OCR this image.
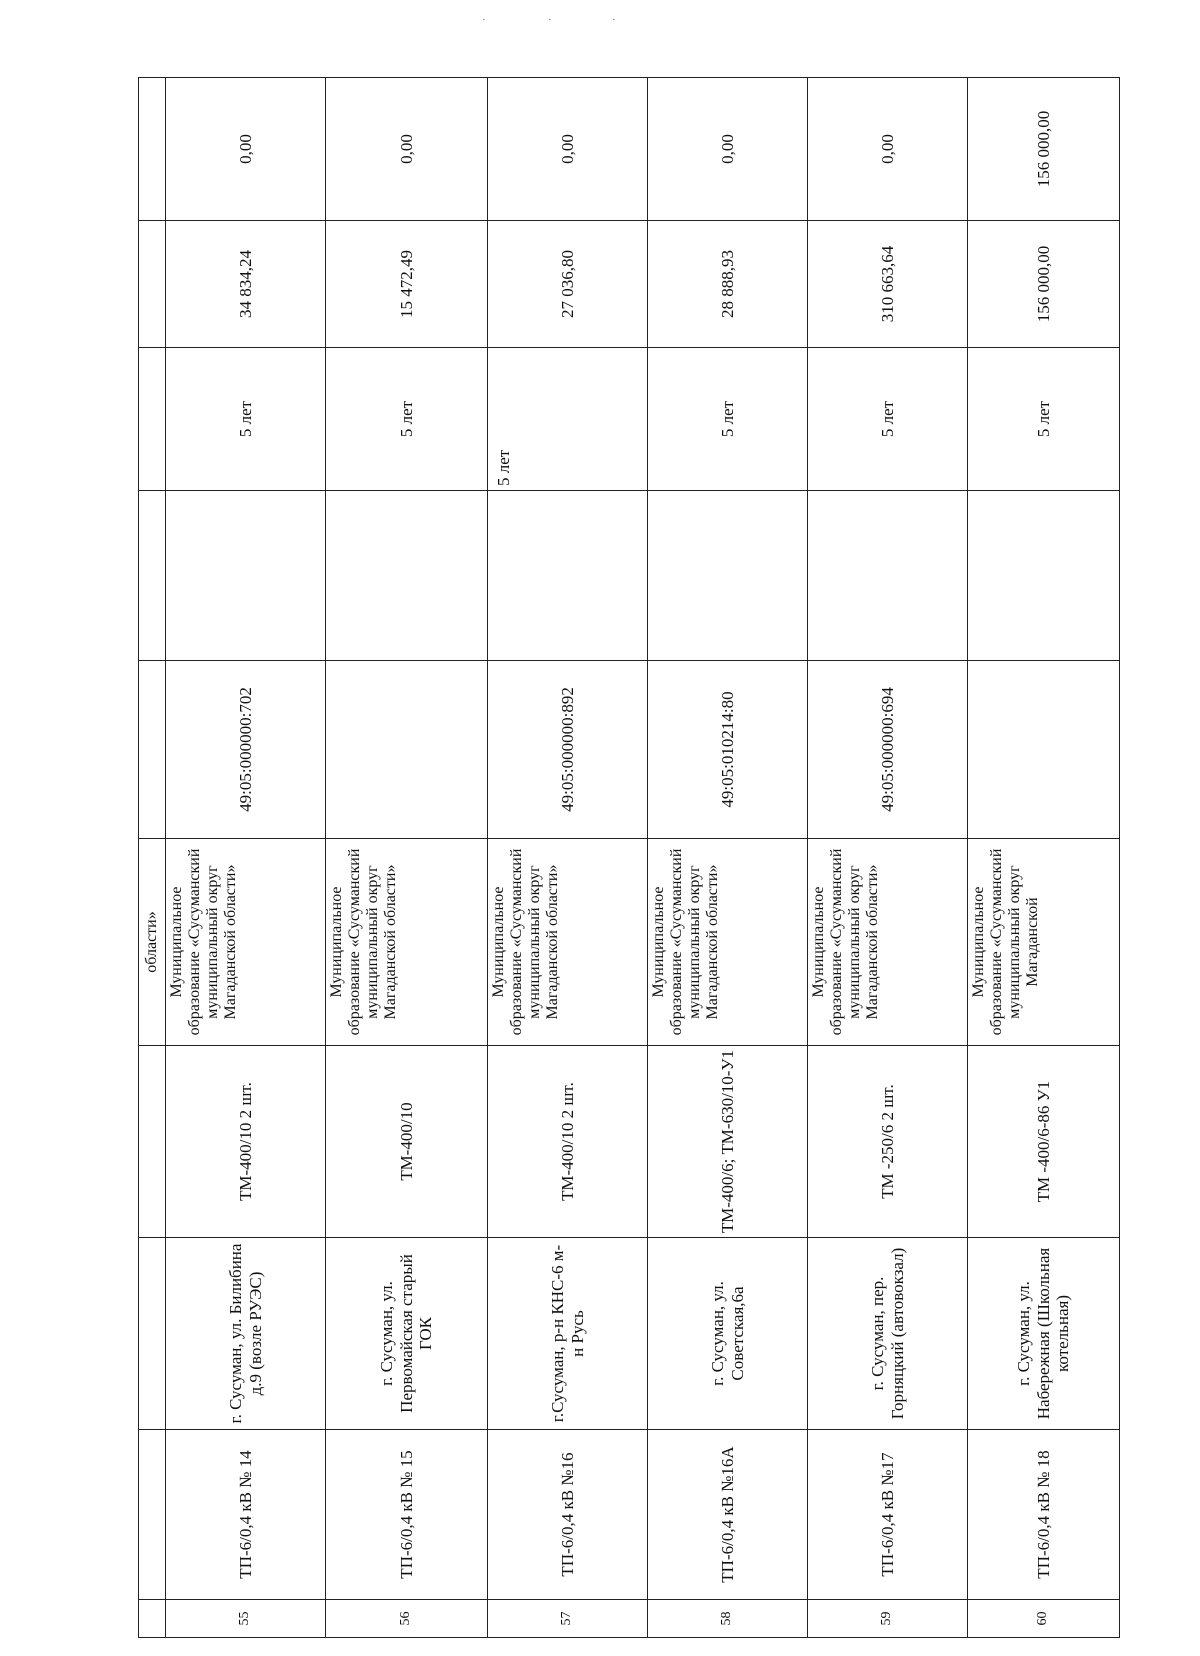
·	·	·
				области»					
55	ТП-6/0,4 кВ № 14	г. Сусуман, ул. Билибина д.9 (возле РУЭС)	ТМ-400/10 2 шт.	Муниципальное образование «Сусуманский муниципальный округ Магаданской области»	49:05:000000:702		5 лет	34 834,24	0,00
56	ТП-6/0,4 кВ № 15	г. Сусуман, ул. Первомайская старый ГОК	ТМ-400/10	Муниципальное образование «Сусуманский муниципальный округ Магаданской области»			5 лет	15 472,49	0,00
57	ТП-6/0,4 кВ №16	г.Сусуман, р-н КНС-6 м-н Русь	ТМ-400/10 2 шт.	Муниципальное образование «Сусуманский муниципальный округ Магаданской области»	49:05:000000:892		5 лет	27 036,80	0,00
58	ТП-6/0,4 кВ №16А	г. Сусуман, ул. Советская,6а	ТМ-400/6; ТМ-630/10-У1	Муниципальное образование «Сусуманский муниципальный округ Магаданской области»	49:05:010214:80		5 лет	28 888,93	0,00
59	ТП-6/0,4 кВ №17	г. Сусуман, пер. Горняцкий (автовокзал)	ТМ -250/6 2 шт.	Муниципальное образование «Сусуманский муниципальный округ Магаданской области»	49:05:000000:694		5 лет	310 663,64	0,00
60	ТП-6/0,4 кВ № 18	г. Сусуман, ул. Набережная (Школьная котельная)	ТМ -400/6-86 У1	Муниципальное образование «Сусуманский муниципальный округ Магаданской			5 лет	156 000,00	156 000,00
